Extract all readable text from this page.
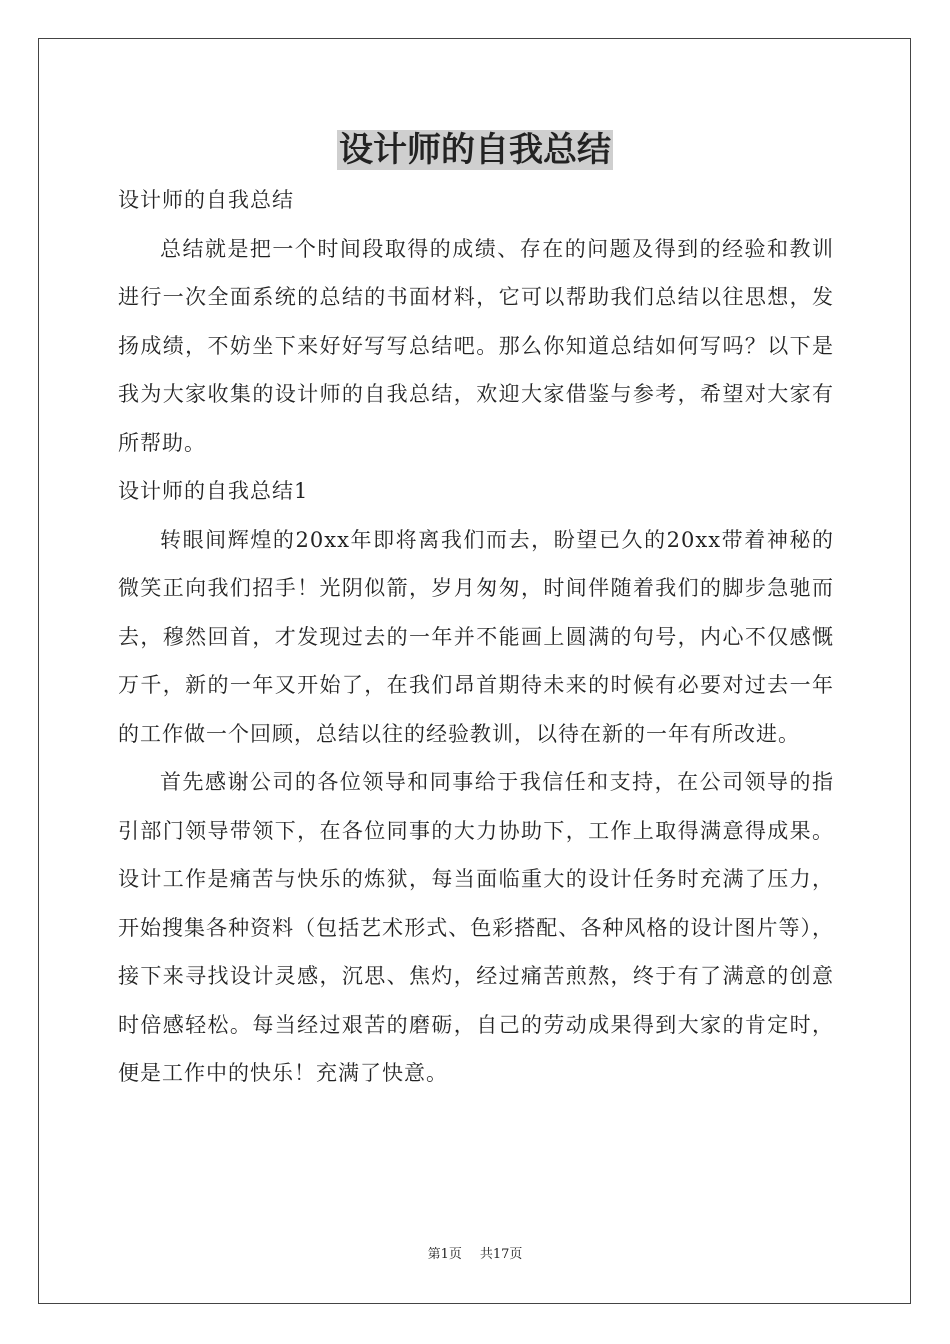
设计师的自我总结

设计师的自我总结

总结就是把一个时间段取得的成绩、存在的问题及得到的经验和教训进行一次全面系统的总结的书面材料，它可以帮助我们总结以往思想，发扬成绩，不妨坐下来好好写写总结吧。那么你知道总结如何写吗？以下是我为大家收集的设计师的自我总结，欢迎大家借鉴与参考，希望对大家有所帮助。

设计师的自我总结1

转眼间辉煌的20xx年即将离我们而去，盼望已久的20xx带着神秘的微笑正向我们招手！光阴似箭，岁月匆匆，时间伴随着我们的脚步急驰而去，穆然回首，才发现过去的一年并不能画上圆满的句号，内心不仅感慨万千，新的一年又开始了，在我们昂首期待未来的时候有必要对过去一年的工作做一个回顾，总结以往的经验教训，以待在新的一年有所改进。

首先感谢公司的各位领导和同事给于我信任和支持，在公司领导的指引部门领导带领下，在各位同事的大力协助下，工作上取得满意得成果。设计工作是痛苦与快乐的炼狱，每当面临重大的设计任务时充满了压力，开始搜集各种资料（包括艺术形式、色彩搭配、各种风格的设计图片等），接下来寻找设计灵感，沉思、焦灼，经过痛苦煎熬，终于有了满意的创意时倍感轻松。每当经过艰苦的磨砺，自己的劳动成果得到大家的肯定时，便是工作中的快乐！充满了快意。

第1页 共17页
